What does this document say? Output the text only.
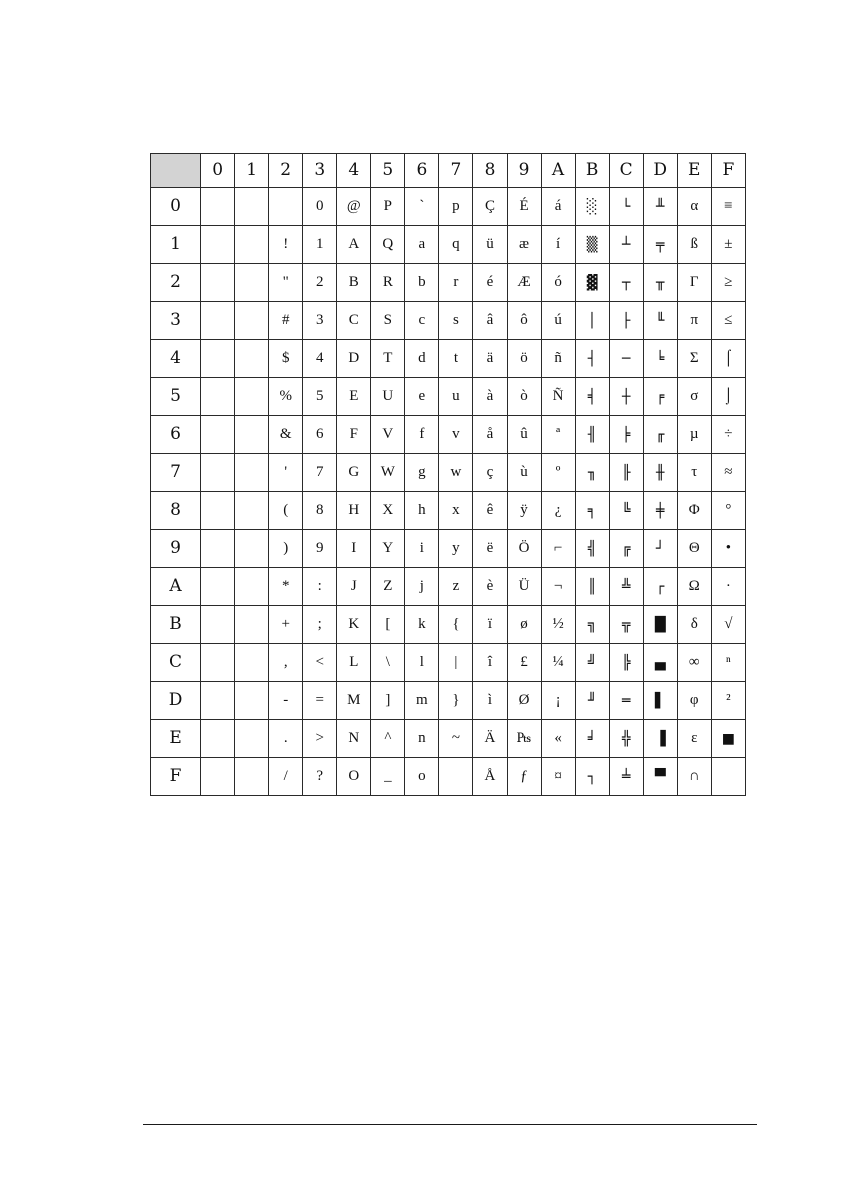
	0	1	2	3	4	5	6	7	8	9	A	B	C	D	E	F
0				0	@	P	`	p	Ç	É	á	░	└	╨	α	≡
1			!	1	A	Q	a	q	ü	æ	í	▒	┴	╤	ß	±
2			"	2	B	R	b	r	é	Æ	ó	▓	┬	╥	Γ	≥
3			#	3	C	S	c	s	â	ô	ú	│	├	╙	π	≤
4			$	4	D	T	d	t	ä	ö	ñ	┤	─	╘	Σ	⌠
5			%	5	E	U	e	u	à	ò	Ñ	╡	┼	╒	σ	⌡
6			&	6	F	V	f	v	å	û	ª	╢	╞	╓	µ	÷
7			'	7	G	W	g	w	ç	ù	º	╖	╟	╫	τ	≈
8			(	8	H	X	h	x	ê	ÿ	¿	╕	╚	╪	Φ	°
9			)	9	I	Y	i	y	ë	Ö	⌐	╣	╔	┘	Θ	•
A			*	:	J	Z	j	z	è	Ü	¬	║	╩	┌	Ω	·
B			+	;	K	[	k	{	ï	ø	½	╗	╦	█	δ	√
C			,	<	L	\	l	|	î	£	¼	╝	╠	▄	∞	ⁿ
D			-	=	M	]	m	}	ì	Ø	¡	╜	═	▌	φ	²
E			.	>	N	^	n	~	Ä	₧	«	╛	╬	▐	ε	■
F			/	?	O	_	o		Å	ƒ	¤	┐	╧	▀	∩	
